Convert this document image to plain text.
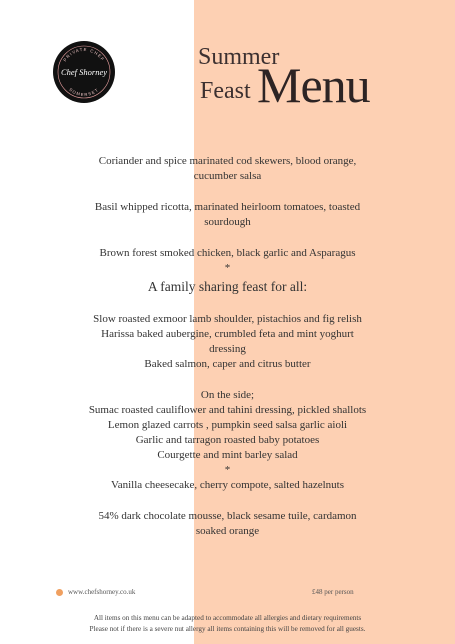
PRIVATE CHEF
Chef Shorney
SOMERSET
Summer
Feast Menu
Coriander and spice marinated cod skewers, blood orange,
cucumber salsa
Basil whipped ricotta, marinated heirloom tomatoes, toasted
sourdough
Brown forest smoked chicken, black garlic and Asparagus
*
A family sharing feast for all:
Slow roasted exmoor lamb shoulder, pistachios and fig relish
Harissa baked aubergine, crumbled feta and mint yoghurt
dressing
Baked salmon, caper and citrus butter
On the side;
Sumac roasted cauliflower and tahini dressing, pickled shallots
Lemon glazed carrots , pumpkin seed salsa garlic aioli
Garlic and tarragon roasted baby potatoes
Courgette and mint barley salad
*
Vanilla cheesecake, cherry compote, salted hazelnuts
54% dark chocolate mousse, black sesame tuile, cardamon
soaked orange
www.chefshorney.co.uk	£48 per person
All items on this menu can be adapted to accommodate all allergies and dietary requirements
Please not if there is a severe nut allergy all items containing this will be removed for all guests.
